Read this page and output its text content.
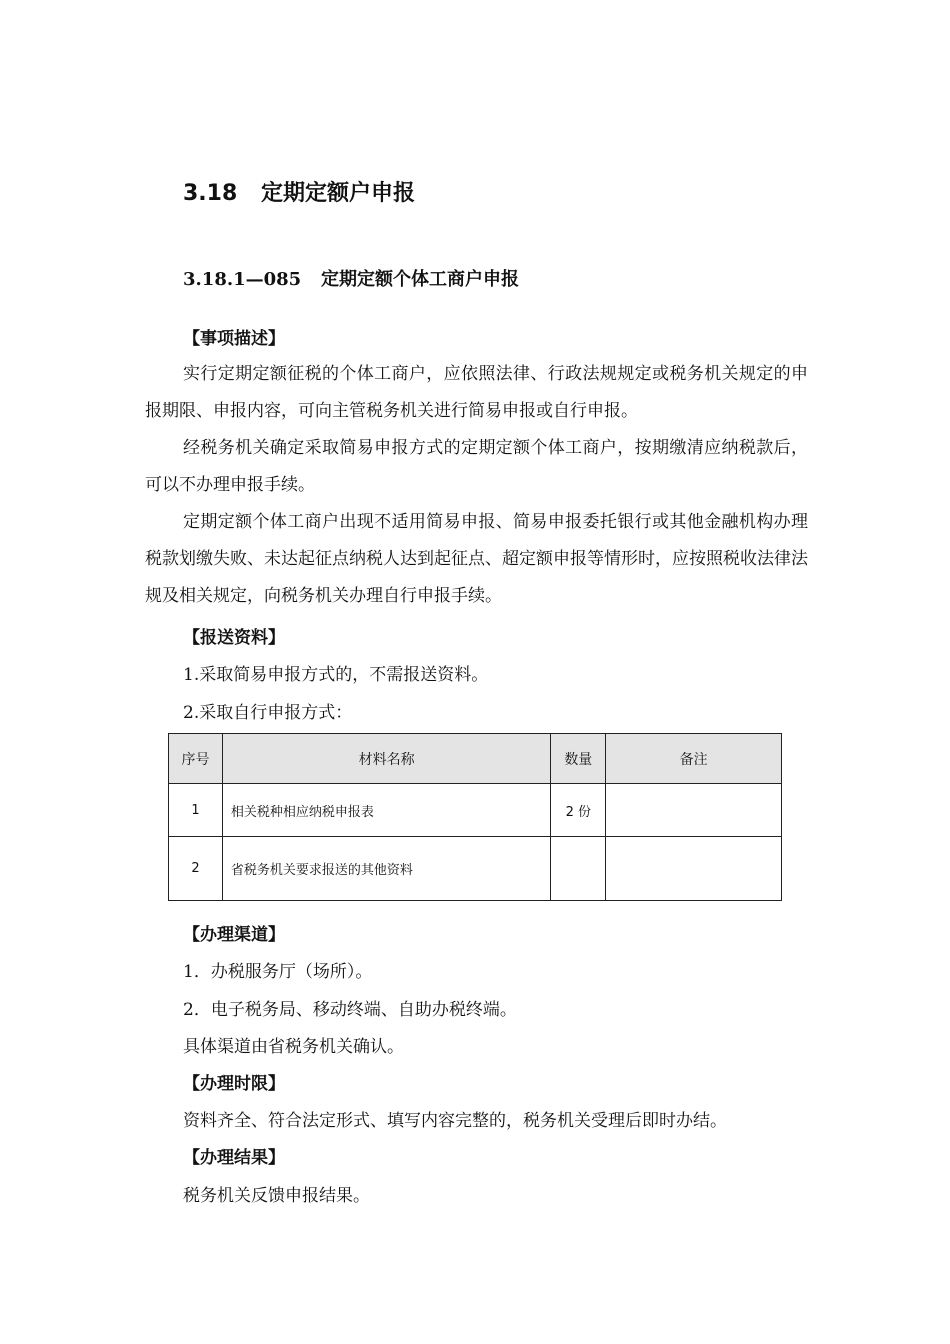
3.18 定期定额户申报
3.18.1—085 定期定额个体工商户申报
【事项描述】

实行定期定额征税的个体工商户，应依照法律、行政法规规定或税务机关规定的申报期限、申报内容，可向主管税务机关进行简易申报或自行申报。

经税务机关确定采取简易申报方式的定期定额个体工商户，按期缴清应纳税款后，可以不办理申报手续。

定期定额个体工商户出现不适用简易申报、简易申报委托银行或其他金融机构办理税款划缴失败、未达起征点纳税人达到起征点、超定额申报等情形时，应按照税收法律法规及相关规定，向税务机关办理自行申报手续。

【报送资料】
1.采取简易申报方式的，不需报送资料。
2.采取自行申报方式：
序号	材料名称	数量	备注
1	相关税种相应纳税申报表	2 份	
2	省税务机关要求报送的其他资料		
【办理渠道】
1．办税服务厅（场所）。
2．电子税务局、移动终端、自助办税终端。
具体渠道由省税务机关确认。
【办理时限】
资料齐全、符合法定形式、填写内容完整的，税务机关受理后即时办结。
【办理结果】
税务机关反馈申报结果。
